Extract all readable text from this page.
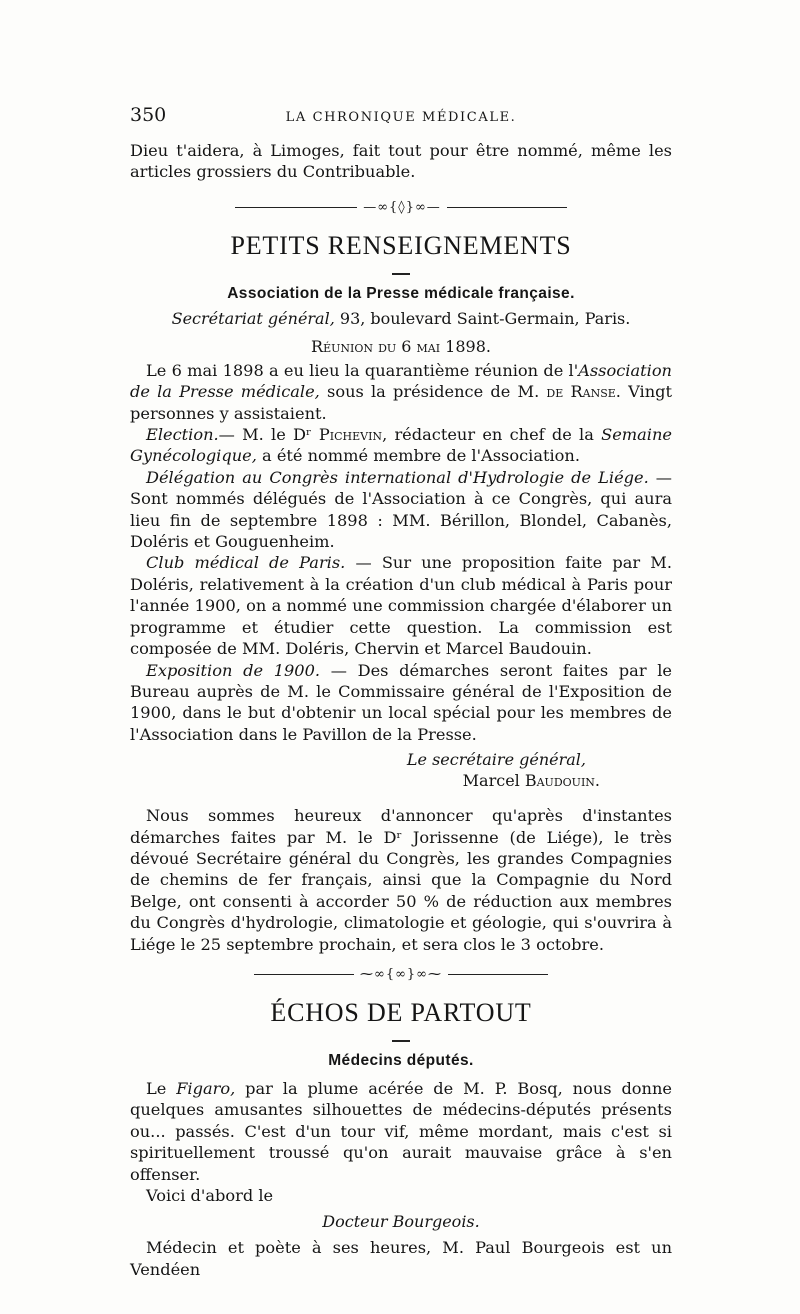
350	LA CHRONIQUE MÉDICALE.

Dieu t'aidera, à Limoges, fait tout pour être nommé, même les articles grossiers du Contribuable.

—∞{◊}∞—
PETITS RENSEIGNEMENTS
Association de la Presse médicale française.
Secrétariat général, 93, boulevard Saint-Germain, Paris.
Réunion du 6 mai 1898.

Le 6 mai 1898 a eu lieu la quarantième réunion de l'Association de la Presse médicale, sous la présidence de M. de Ranse. Vingt personnes y assistaient.

Election.— M. le Dʳ Pichevin, rédacteur en chef de la Semaine Gynécologique, a été nommé membre de l'Association.

Délégation au Congrès international d'Hydrologie de Liége. — Sont nommés délégués de l'Association à ce Congrès, qui aura lieu fin de septembre 1898 : MM. Bérillon, Blondel, Cabanès, Doléris et Gouguenheim.

Club médical de Paris. — Sur une proposition faite par M. Doléris, relativement à la création d'un club médical à Paris pour l'année 1900, on a nommé une commission chargée d'élaborer un programme et étudier cette question. La commission est composée de MM. Doléris, Chervin et Marcel Baudouin.

Exposition de 1900. — Des démarches seront faites par le Bureau auprès de M. le Commissaire général de l'Exposition de 1900, dans le but d'obtenir un local spécial pour les membres de l'Association dans le Pavillon de la Presse.

Le secrétaire général,
Marcel Baudouin.

Nous sommes heureux d'annoncer qu'après d'instantes démarches faites par M. le Dʳ Jorissenne (de Liége), le très dévoué Secrétaire général du Congrès, les grandes Compagnies de chemins de fer français, ainsi que la Compagnie du Nord Belge, ont consenti à accorder 50 % de réduction aux membres du Congrès d'hydrologie, climatologie et géologie, qui s'ouvrira à Liége le 25 septembre prochain, et sera clos le 3 octobre.

⁓∞{∞}∞⁓
ÉCHOS DE PARTOUT
Médecins députés.

Le Figaro, par la plume acérée de M. P. Bosq, nous donne quelques amusantes silhouettes de médecins-députés présents ou... passés. C'est d'un tour vif, même mordant, mais c'est si spirituellement troussé qu'on aurait mauvaise grâce à s'en offenser.

Voici d'abord le

Docteur Bourgeois.

Médecin et poète à ses heures, M. Paul Bourgeois est un Vendéen
